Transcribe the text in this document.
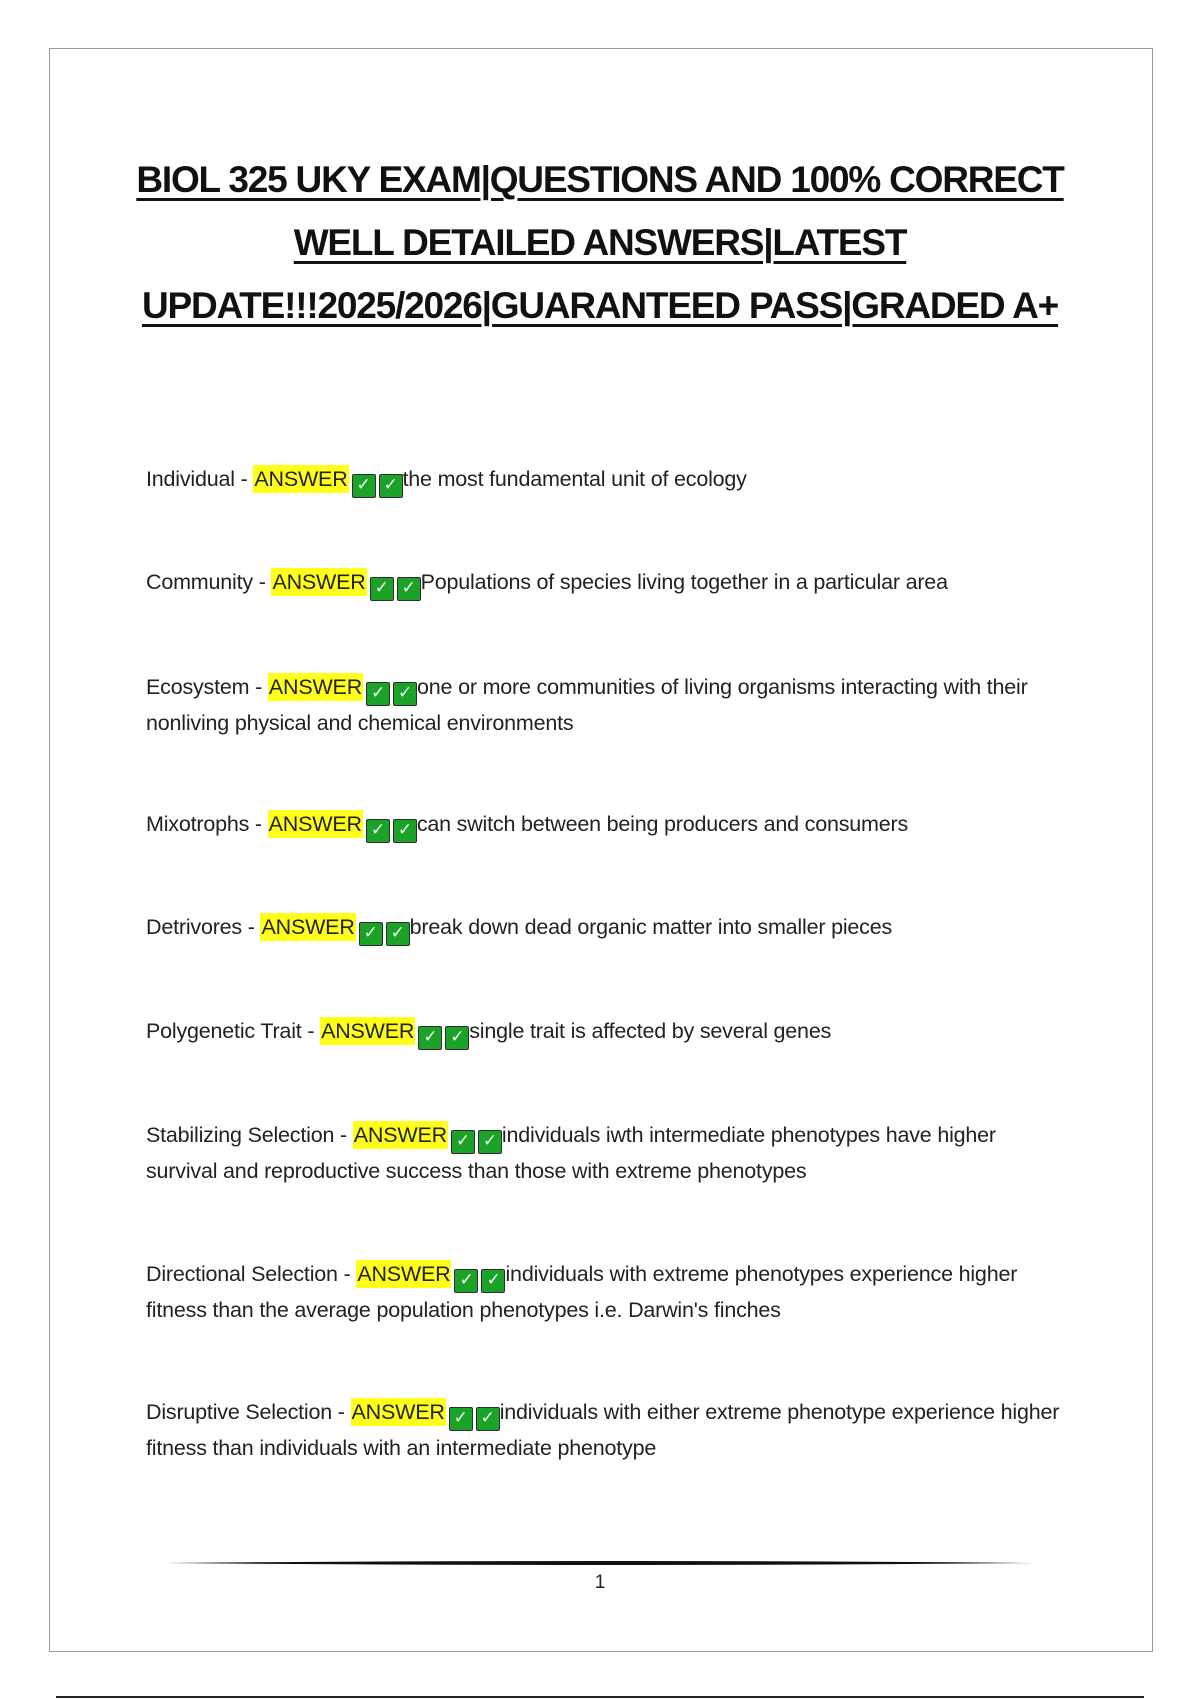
BIOL 325 UKY EXAM|QUESTIONS AND 100% CORRECT WELL DETAILED ANSWERS|LATEST UPDATE!!!2025/2026|GUARANTEED PASS|GRADED A+

Individual - ANSWER ✓ ✓ the most fundamental unit of ecology

Community - ANSWER ✓ ✓ Populations of species living together in a particular area

Ecosystem - ANSWER ✓ ✓ one or more communities of living organisms interacting with their nonliving physical and chemical environments

Mixotrophs - ANSWER ✓ ✓ can switch between being producers and consumers

Detrivores - ANSWER ✓ ✓ break down dead organic matter into smaller pieces

Polygenetic Trait - ANSWER ✓ ✓ single trait is affected by several genes

Stabilizing Selection - ANSWER ✓ ✓ individuals iwth intermediate phenotypes have higher survival and reproductive success than those with extreme phenotypes

Directional Selection - ANSWER ✓ ✓ individuals with extreme phenotypes experience higher fitness than the average population phenotypes i.e. Darwin's finches

Disruptive Selection - ANSWER ✓ ✓ individuals with either extreme phenotype experience higher fitness than individuals with an intermediate phenotype

1
